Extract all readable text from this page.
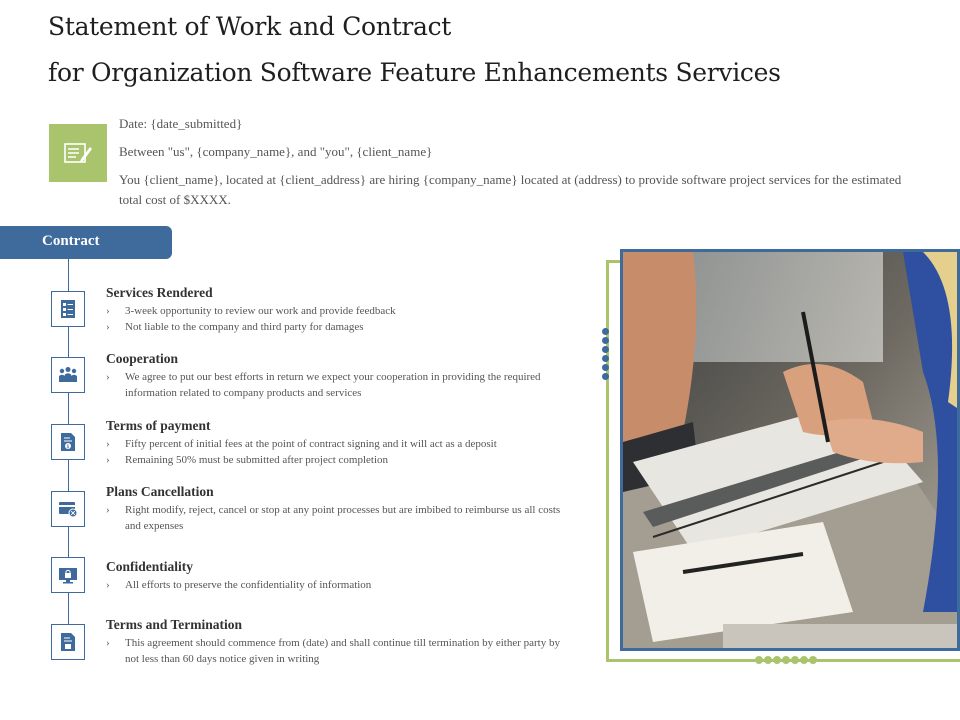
Statement of Work and Contract
for Organization Software Feature Enhancements Services
Date: {date_submitted}
Between "us", {company_name}, and "you", {client_name}
You {client_name}, located at {client_address} are hiring {company_name} located at (address) to provide software project services for the estimated total cost of $XXXX.
Contract
$
Services Rendered
›	3-week opportunity to review our work and provide feedback
›	Not liable to the company and third party for damages
Cooperation
›	We agree to put our best efforts in return we expect your cooperation in providing the required information related to company products and services
Terms of payment
›	Fifty percent of initial fees at the point of contract signing and it will act as a deposit
›	Remaining 50% must be submitted after project completion
Plans Cancellation
›	Right modify, reject, cancel or stop at any point processes but are imbibed to reimburse us all costs and expenses
Confidentiality
›	All efforts to preserve the confidentiality of information
Terms and Termination
›	This agreement should commence from (date) and shall continue till termination by either party by not less than 60 days notice given in writing
